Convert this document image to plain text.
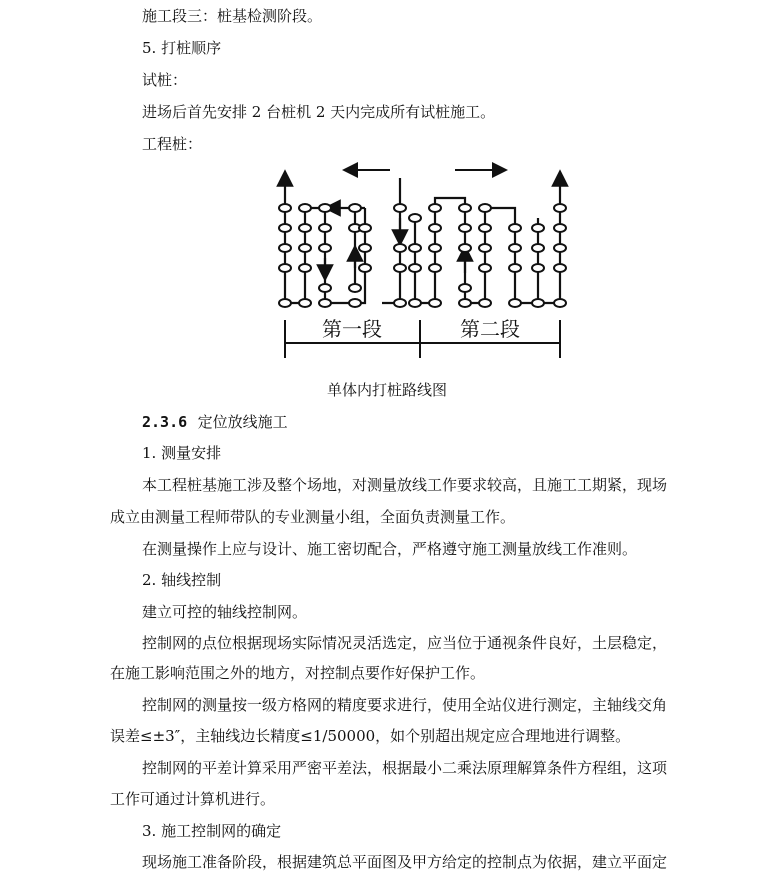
施工段三：桩基检测阶段。
5. 打桩顺序
试桩：
进场后首先安排 2 台桩机 2 天内完成所有试桩施工。
工程桩：
第一段	第二段
单体内打桩路线图
2.3.6 定位放线施工
1. 测量安排
本工程桩基施工涉及整个场地，对测量放线工作要求较高，且施工工期紧，现场
成立由测量工程师带队的专业测量小组，全面负责测量工作。
在测量操作上应与设计、施工密切配合，严格遵守施工测量放线工作准则。
2. 轴线控制
建立可控的轴线控制网。
控制网的点位根据现场实际情况灵活选定，应当位于通视条件良好，土层稳定，
在施工影响范围之外的地方，对控制点要作好保护工作。
控制网的测量按一级方格网的精度要求进行，使用全站仪进行测定，主轴线交角
误差≤±3″，主轴线边长精度≤1/50000，如个别超出规定应合理地进行调整。
控制网的平差计算采用严密平差法，根据最小二乘法原理解算条件方程组，这项
工作可通过计算机进行。
3. 施工控制网的确定
现场施工准备阶段，根据建筑总平面图及甲方给定的控制点为依据，建立平面定
